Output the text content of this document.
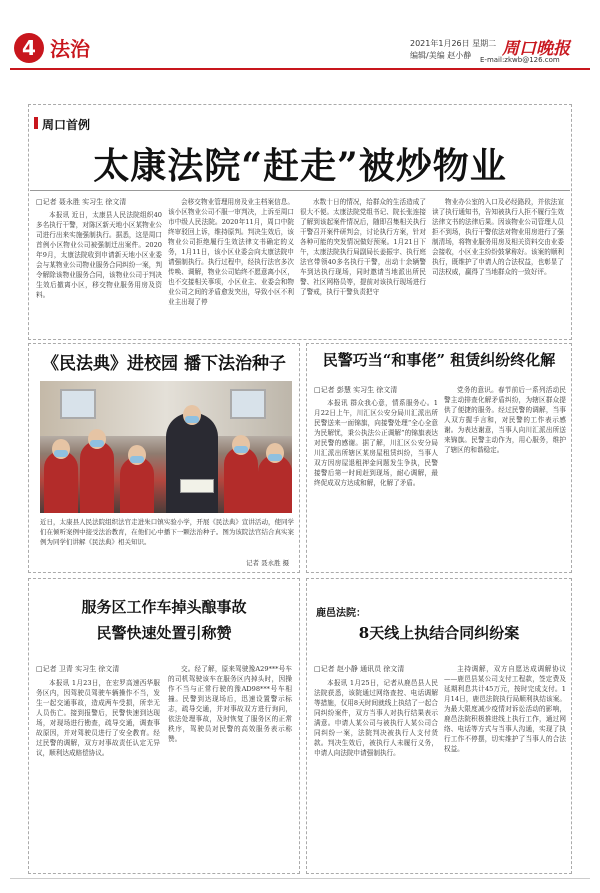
4 法治	2021年1月26日 星期二
编辑/美编 赵小静 周口晚报
E-mail:zkwb@126.com
周口首例
太康法院“赶走”被炒物业
□记者 聂永胜 实习生 徐文清
本报讯 近日，太康县人民法院组织40多名执行干警，对陈区新天地小区某物业公司进行出来实施强制执行。据悉，这是周口首例小区物业公司被强制迁出案件。2020年9月，太康法院收到申请新天地小区业委会与某物业公司物业服务合同纠纷一案，判令解除该物业服务合同，该物业公司于判决生效后撤离小区，移交物业服务用房及资料。
会移交物业管理用房及业主档案信息。该小区物业公司不服一审判决，上诉至周口市中级人民法院。2020年11月，周口中院终审驳回上诉，维持原判。判决生效后，该物业公司拒绝履行生效法律文书确定的义务，1月11日，该小区业委会向太康法院申请强制执行。执行过程中，经执行法官多次传唤、调解，物业公司始终不愿意离小区，也不交接相关事项，小区业主、业委会和物业公司之间的矛盾愈发突出，导致小区不利业主出现了停
水数十日的情况，给群众的生活造成了很大不便。太康法院党组书记、院长张连接了解到该起案件情况后，随即召集相关执行干警召开案件研判会，讨论执行方案，针对各种可能的突发情况做好预案。1月21日下午，太康法院执行局副局长姜振宇、执行庭法官带领40多名执行干警，出动十余辆警车到达执行现场，同时邀请当地派出所民警、社区网格员等，提前对该执行现场进行了警戒，执行干警负责把守
物业办公室的入口及必经路段，并依法宣读了执行通知书，告知被执行人拒不履行生效法律文书的法律后果。因该物业公司管理人员拒不到场，执行干警依法对物业用房进行了强制清场，将物业服务用房及相关资料交由业委会接收，小区业主纷纷鼓掌称好。该案的顺利执行，既维护了申请人的合法权益，也彰显了司法权威，赢得了当地群众的一致好评。
《民法典》进校园 播下法治种子
近日，太康县人民法院组织法官走进朱口镇实验小学，开展《民法典》宣讲活动，使同学们在倾听案例中接受法治教育，在他们心中播下一颗法治种子。图为该院法官结合真实案例为同学们讲解《民法典》相关知识。
记者 聂永胜 摄
民警巧当“和事佬” 租赁纠纷终化解
□记者 彭慧 实习生 徐文清
本报讯 群众我心意，情系服务心。1月22日上午，川汇区公安分局川汇派出所民警送来一面锦旗，向接警处理“全心全意为民解忧，秉公执法公正调解”的锦旗表达对民警的感谢。据了解，川汇区公安分局川汇派出所辖区某房屋租赁纠纷，当事人双方因房屋退租押金问题发生争执，民警接警后第一时间赶到现场，耐心调解，最终促成双方达成和解，化解了矛盾。
党务的意识。春节前后一系列活动民警主动排查化解矛盾纠纷，为辖区群众提供了便捷的服务。经过民警的调解，当事人双方握手言和，对民警的工作表示感谢。为表达谢意，当事人向川汇派出所送来锦旗。民警主动作为，用心服务，维护了辖区的和谐稳定。
服务区工作车掉头酿事故
民警快速处置引称赞
□记者 卫青 实习生 徐文清
本报讯 1月23日，在宏罗高速西华服务区内，因驾驶员驾驶车辆操作不当，发生一起交通事故，造成两车受损，所幸无人员伤亡。接到报警后，民警快速到达现场，对现场进行勘查，疏导交通，调查事故原因，并对驾驶员进行了安全教育。经过民警的调解，双方对事故责任认定无异议，顺利达成赔偿协议。
交。经了解，原来驾驶豫A29***号车的司机驾驶该车在服务区内掉头时，因操作不当与正常行驶的豫AD98***号车相撞。民警到达现场后，迅速设置警示标志，疏导交通，并对事故双方进行询问，依法处理事故，及时恢复了服务区的正常秩序，驾驶员对民警的高效服务表示称赞。
鹿邑法院：
8天线上执结合同纠纷案
□记者 赵小静 通讯员 徐文清
本报讯 1月25日，记者从鹿邑县人民法院获悉，该院通过网络查控、电话调解等措施，仅用8天时间就线上执结了一起合同纠纷案件，双方当事人对执行结果表示满意。申请人某公司与被执行人某公司合同纠纷一案，法院判决被执行人支付货款。判决生效后，被执行人未履行义务，申请人向法院申请强制执行。
主持调解，双方自愿达成调解协议——鹿邑县某公司支付工程款，签定费及延期利息共计45万元，按时完成支付。1月14日，鹿邑法院执行局顺利执结该案。为最大限度减少疫情对诉讼活动的影响，鹿邑法院积极推进线上执行工作，通过网络、电话等方式与当事人沟通，实现了执行工作不停摆，切实维护了当事人的合法权益。
